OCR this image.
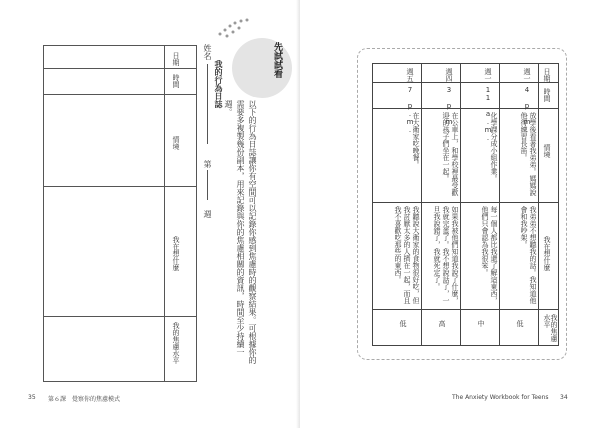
日期
時間
情境
我在想什麼
我的焦慮水平
姓名
我的行為日誌
第
週	以下的行為日誌讓你有空間可以記錄你感到焦慮時的觀察結果。可根據你的需要多複製幾份副本，用來記錄與你的焦慮相關的資訊，時間至少持續一週。
先試試看
35 第６課　覺察你的焦慮模式
日期
時間
情境
我在想什麼
我的焦慮水平
週一
4 p.m.
放學後看著我弟弟。媽媽說他得練習長笛。
我弟弟不想聽我的話。我知道他會和我吵架。
低
週一
11 a.m.
化學課分成小組作業。
每一個人都比我還了解這東西，他們只會認為我很笨。
中
週四
3 p.m.
在公車上，和學校裡最受歡迎的孩子們坐在一起。
如果我被他們知道我說了什麼，我就完蛋了。我不想說話了，一旦我說錯了，我就死定了。
高
週五
7 p.m.
在大衛家吃晚餐。
我聽說大衛家的食物很好吃，但我討厭太多的人擠在一起，而且我不喜歡吃那些的東西。
低
The Anxiety Workbook for Teens 34
